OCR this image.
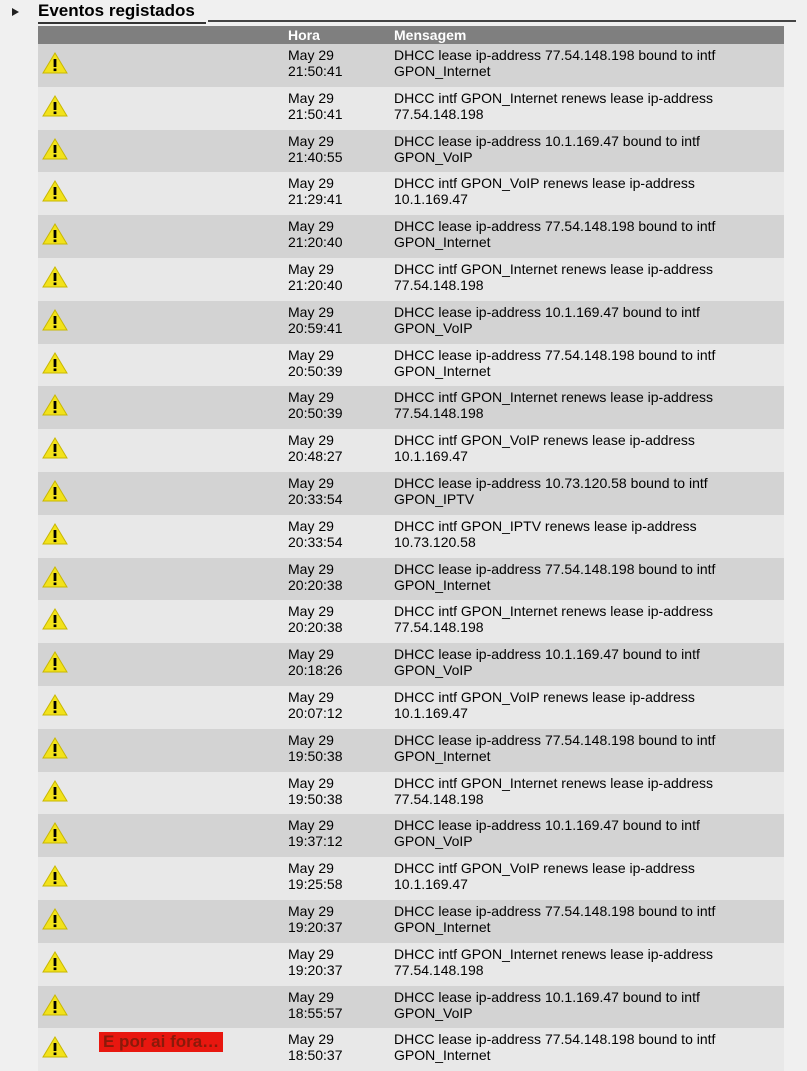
Eventos registados
	Hora	Mensagem

May 29
21:50:41	DHCC lease ip-address 77.54.148.198 bound to intf
GPON_Internet

May 29
21:50:41	DHCC intf GPON_Internet renews lease ip-address
77.54.148.198

May 29
21:40:55	DHCC lease ip-address 10.1.169.47 bound to intf
GPON_VoIP

May 29
21:29:41	DHCC intf GPON_VoIP renews lease ip-address
10.1.169.47

May 29
21:20:40	DHCC lease ip-address 77.54.148.198 bound to intf
GPON_Internet

May 29
21:20:40	DHCC intf GPON_Internet renews lease ip-address
77.54.148.198

May 29
20:59:41	DHCC lease ip-address 10.1.169.47 bound to intf
GPON_VoIP

May 29
20:50:39	DHCC lease ip-address 77.54.148.198 bound to intf
GPON_Internet

May 29
20:50:39	DHCC intf GPON_Internet renews lease ip-address
77.54.148.198

May 29
20:48:27	DHCC intf GPON_VoIP renews lease ip-address
10.1.169.47

May 29
20:33:54	DHCC lease ip-address 10.73.120.58 bound to intf
GPON_IPTV

May 29
20:33:54	DHCC intf GPON_IPTV renews lease ip-address
10.73.120.58

May 29
20:20:38	DHCC lease ip-address 77.54.148.198 bound to intf
GPON_Internet

May 29
20:20:38	DHCC intf GPON_Internet renews lease ip-address
77.54.148.198

May 29
20:18:26	DHCC lease ip-address 10.1.169.47 bound to intf
GPON_VoIP

May 29
20:07:12	DHCC intf GPON_VoIP renews lease ip-address
10.1.169.47

May 29
19:50:38	DHCC lease ip-address 77.54.148.198 bound to intf
GPON_Internet

May 29
19:50:38	DHCC intf GPON_Internet renews lease ip-address
77.54.148.198

May 29
19:37:12	DHCC lease ip-address 10.1.169.47 bound to intf
GPON_VoIP

May 29
19:25:58	DHCC intf GPON_VoIP renews lease ip-address
10.1.169.47

May 29
19:20:37	DHCC lease ip-address 77.54.148.198 bound to intf
GPON_Internet

May 29
19:20:37	DHCC intf GPON_Internet renews lease ip-address
77.54.148.198

May 29
18:55:57	DHCC lease ip-address 10.1.169.47 bound to intf
GPON_VoIP

E por ai fora…	May 29
18:50:37	DHCC lease ip-address 77.54.148.198 bound to intf
GPON_Internet
